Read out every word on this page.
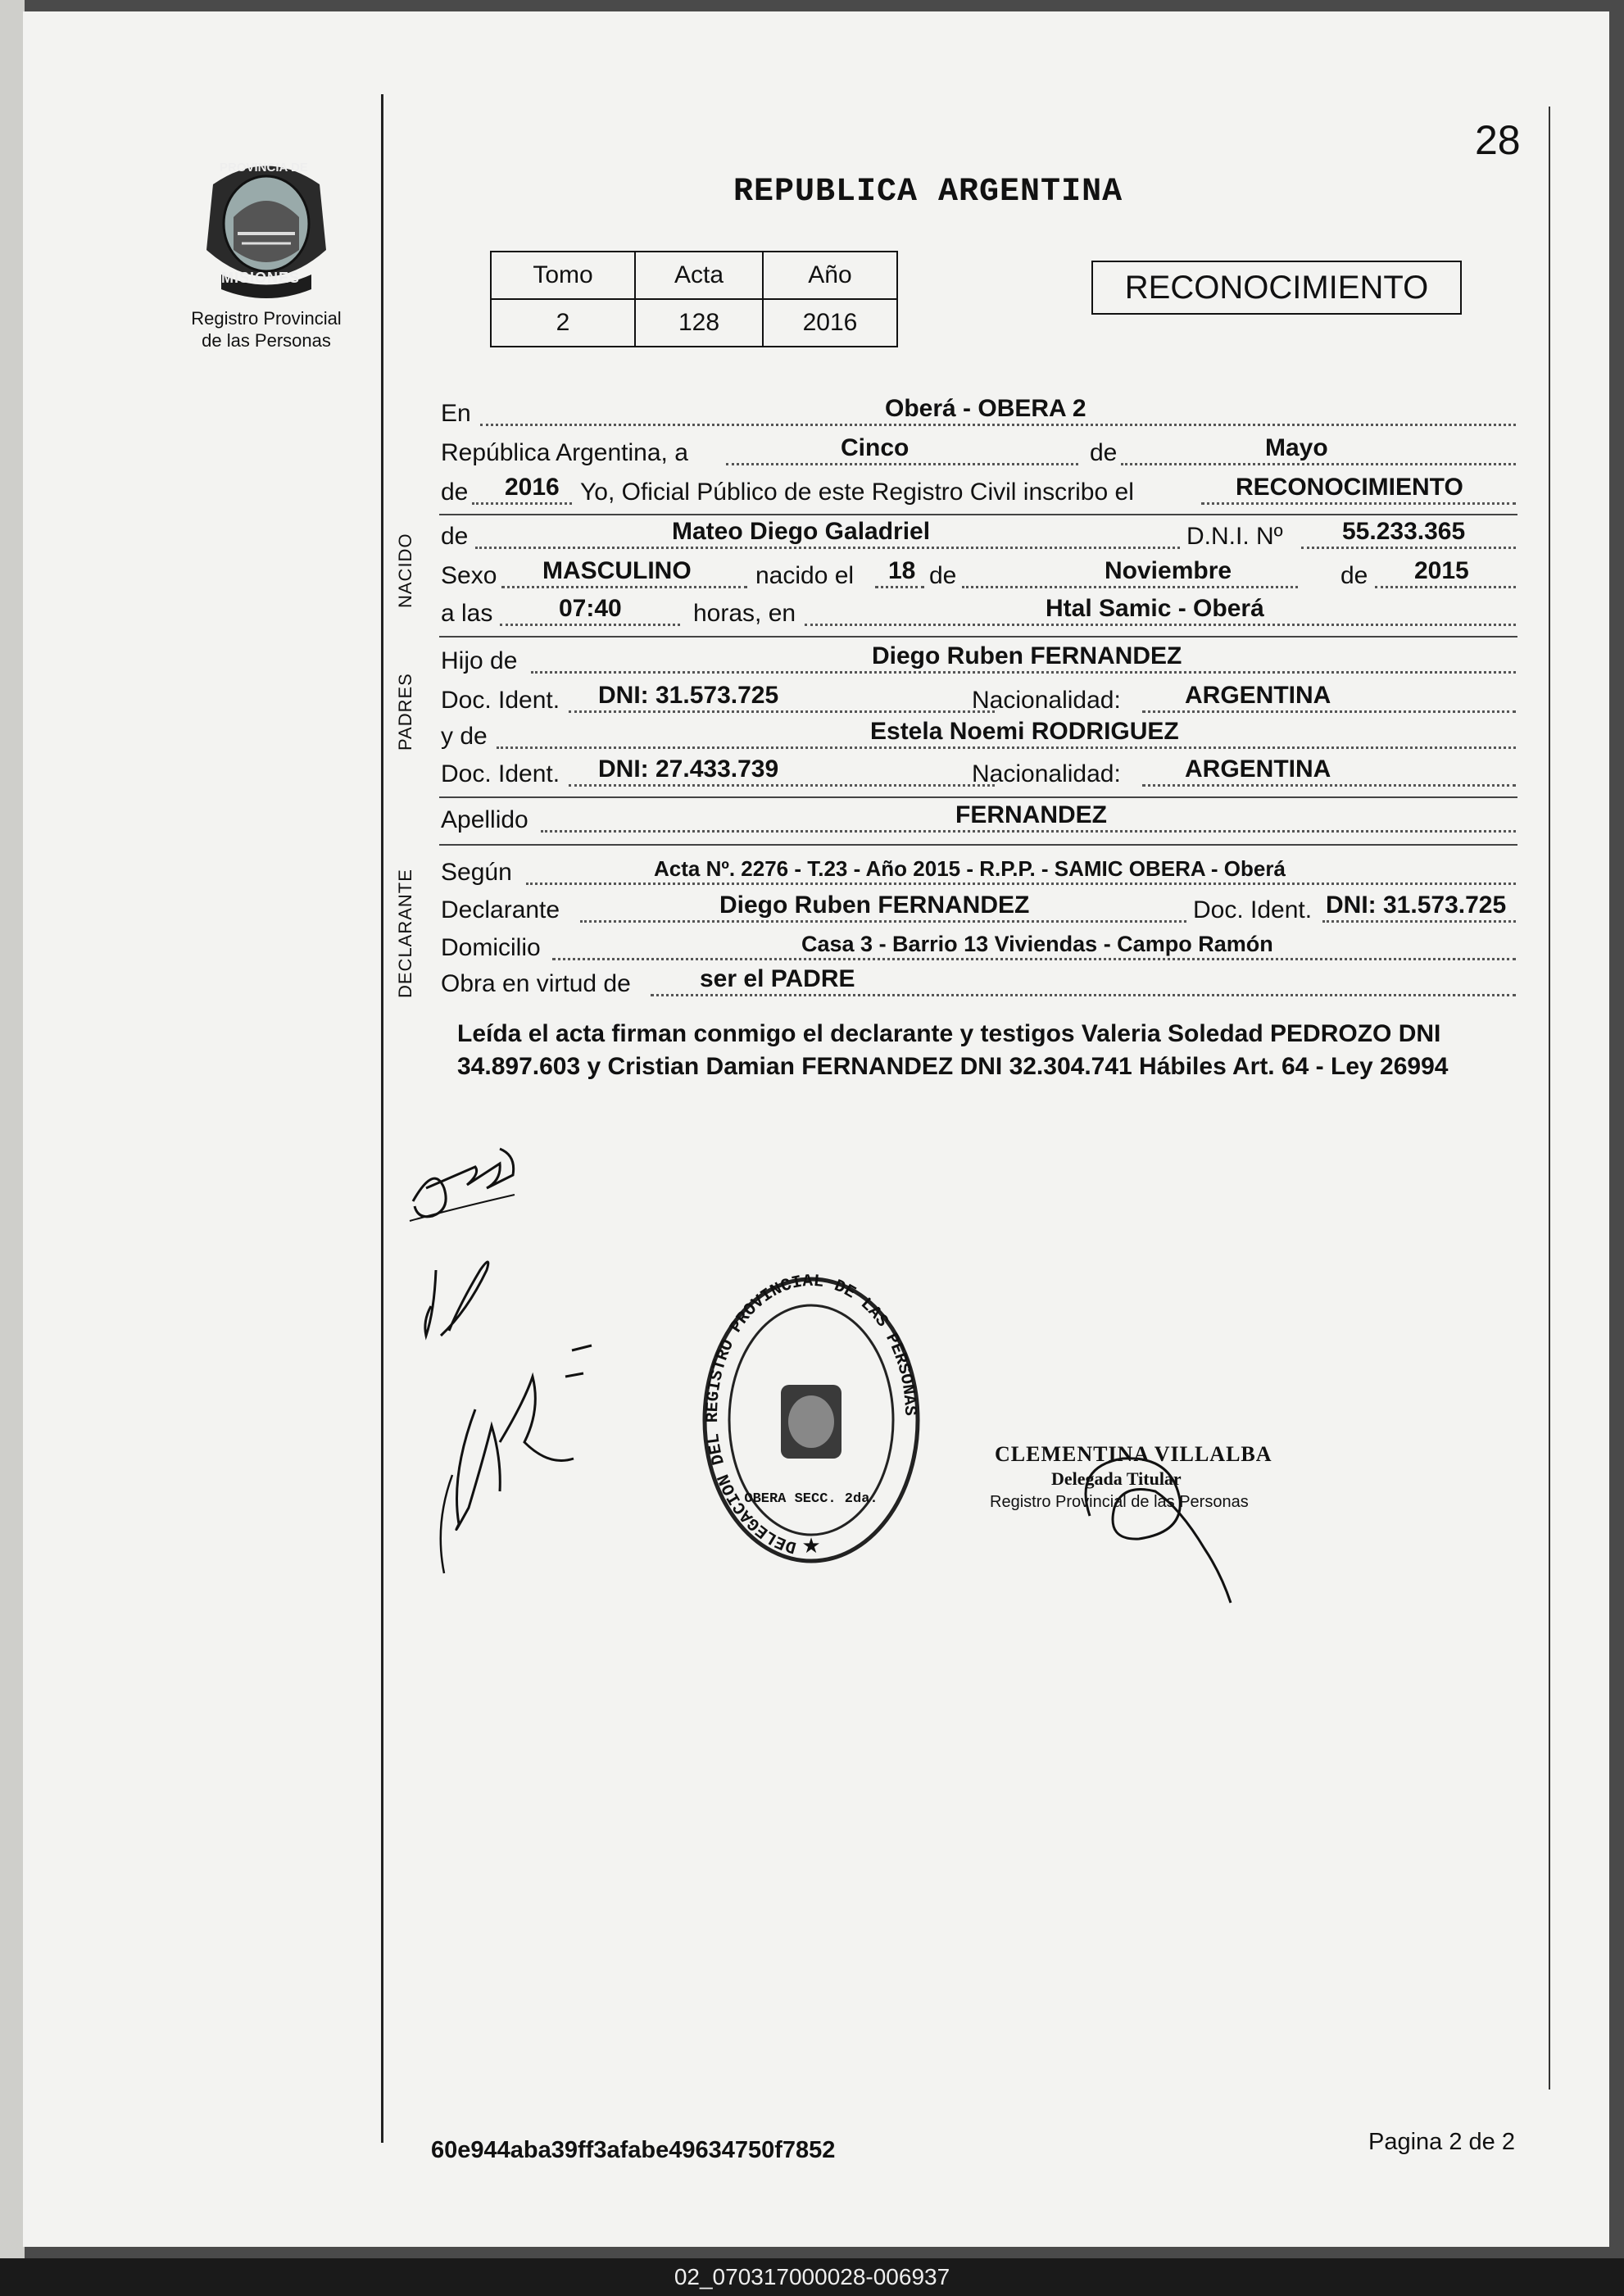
28
PROVINCIA DE
MISIONES
Registro Provincial
de las Personas
REPUBLICA ARGENTINA
Tomo	Acta	Año
2	128	2016
RECONOCIMIENTO
En	Oberá - OBERA 2
República Argentina, a	Cinco	de	Mayo
de 2016 Yo, Oficial Público de este Registro Civil inscribo el	RECONOCIMIENTO
NACIDO de	Mateo Diego Galadriel	D.N.I. Nº 55.233.365
Sexo MASCULINO	nacido el 18 de	Noviembre	de 2015
a las	07:40	horas, en	Htal Samic - Oberá
PADRES
Hijo de	Diego Ruben FERNANDEZ
Doc. Ident. DNI: 31.573.725	Nacionalidad:	ARGENTINA
y de	Estela Noemi RODRIGUEZ
Doc. Ident. DNI: 27.433.739	Nacionalidad:	ARGENTINA
Apellido	FERNANDEZ
DECLARANTE Según	Acta Nº. 2276 - T.23 - Año 2015 - R.P.P. - SAMIC OBERA - Oberá
Declarante	Diego Ruben FERNANDEZ	Doc. Ident. DNI: 31.573.725
Domicilio	Casa 3 - Barrio 13 Viviendas - Campo Ramón
Obra en virtud de	ser el PADRE
Leída el acta firman conmigo el declarante y testigos Valeria Soledad PEDROZO DNI 34.897.603 y Cristian Damian FERNANDEZ DNI 32.304.741 Hábiles Art. 64 - Ley 26994
★
DELEGACION DEL REGISTRO PROVINCIAL DE LAS PERSONAS
OBERA SECC. 2da.
CLEMENTINA VILLALBA
Delegada Titular
Registro Provincial de las Personas
60e944aba39ff3afabe49634750f7852	Pagina 2 de 2
02_070317000028-006937
